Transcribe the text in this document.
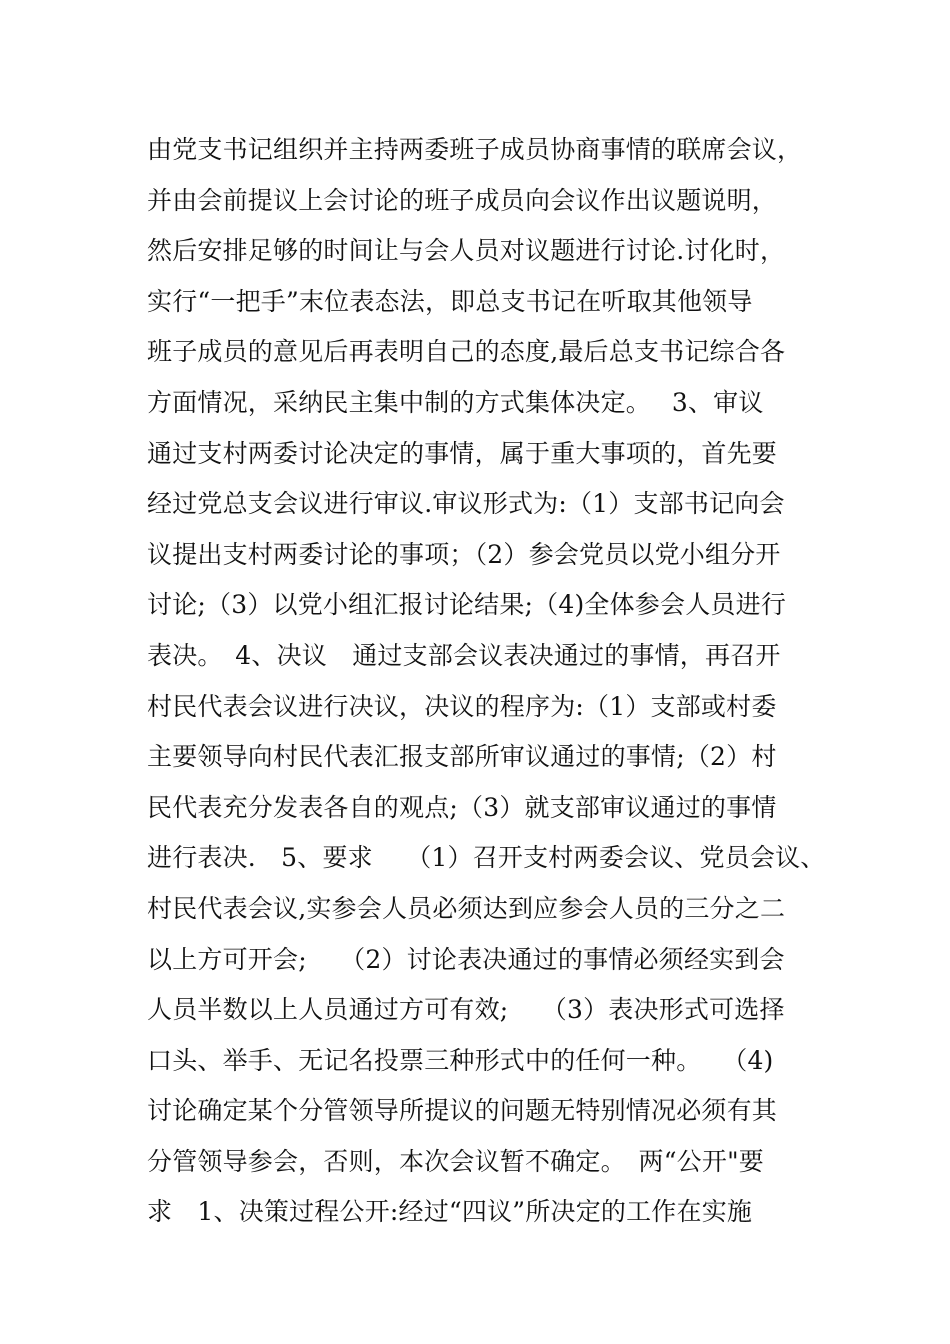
由党支书记组织并主持两委班子成员协商事情的联席会议，
并由会前提议上会讨论的班子成员向会议作出议题说明，
然后安排足够的时间让与会人员对议题进行讨论.讨化时，
实行“一把手”末位表态法，即总支书记在听取其他领导
班子成员的意见后再表明自己的态度,最后总支书记综合各
方面情况，采纳民主集中制的方式集体决定。　 3、审议
通过支村两委讨论决定的事情，属于重大事项的，首先要
经过党总支会议进行审议.审议形式为:（1）支部书记向会
议提出支村两委讨论的事项；（2）参会党员以党小组分开
讨论;（3）以党小组汇报讨论结果;（4)全体参会人员进行
表决。　4、决议　通过支部会议表决通过的事情，再召开
村民代表会议进行决议，决议的程序为:（1）支部或村委
主要领导向村民代表汇报支部所审议通过的事情;（2）村
民代表充分发表各自的观点;（3）就支部审议通过的事情
进行表决.　5、要求　 （1）召开支村两委会议、党员会议、
村民代表会议,实参会人员必须达到应参会人员的三分之二
以上方可开会;　 （2）讨论表决通过的事情必须经实到会
人员半数以上人员通过方可有效;　 （3）表决形式可选择
口头、举手、无记名投票三种形式中的任何一种。　 （4)
讨论确定某个分管领导所提议的问题无特别情况必须有其
分管领导参会，否则，本次会议暂不确定。　两“公开"要
求　1、决策过程公开:经过“四议”所决定的工作在实施
